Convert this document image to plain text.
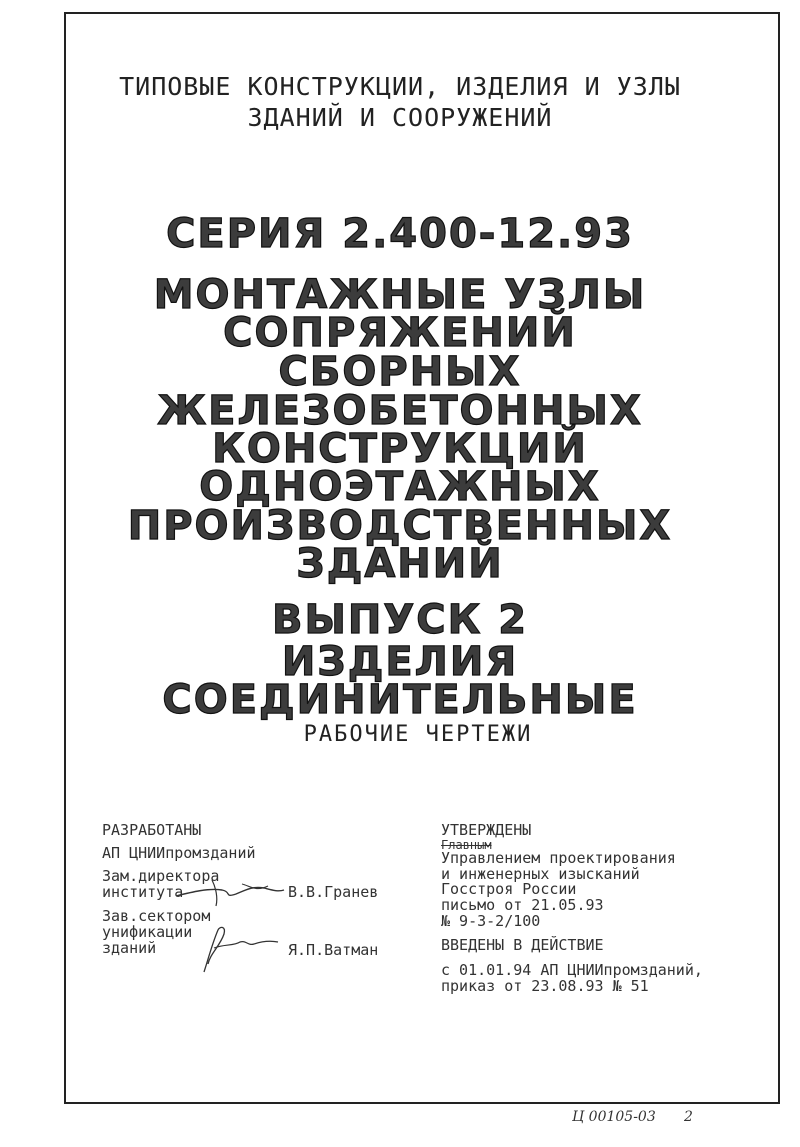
ТИПОВЫЕ КОНСТРУКЦИИ, ИЗДЕЛИЯ И УЗЛЫ
ЗДАНИЙ И СООРУЖЕНИЙ
СЕРИЯ 2.400-12.93
МОНТАЖНЫЕ УЗЛЫ
СОПРЯЖЕНИЙ
СБОРНЫХ
ЖЕЛЕЗОБЕТОННЫХ
КОНСТРУКЦИЙ
ОДНОЭТАЖНЫХ
ПРОИЗВОДСТВЕННЫХ
ЗДАНИЙ
ВЫПУСК 2
ИЗДЕЛИЯ
СОЕДИНИТЕЛЬНЫЕ
РАБОЧИЕ ЧЕРТЕЖИ
РАЗРАБОТАНЫ
АП ЦНИИпромзданий
Зам.директора
института	В.В.Гранев
Зав.сектором
унификации
зданий	Я.П.Ватман
УТВЕРЖДЕНЫ
Главным
Управлением проектирования
и инженерных изысканий
Госстроя России
письмо от 21.05.93
№ 9-3-2/100
ВВЕДЕНЫ В ДЕЙСТВИЕ
с 01.01.94 АП ЦНИИпромзданий,
приказ от 23.08.93 № 51
Ц 00105-03 2
